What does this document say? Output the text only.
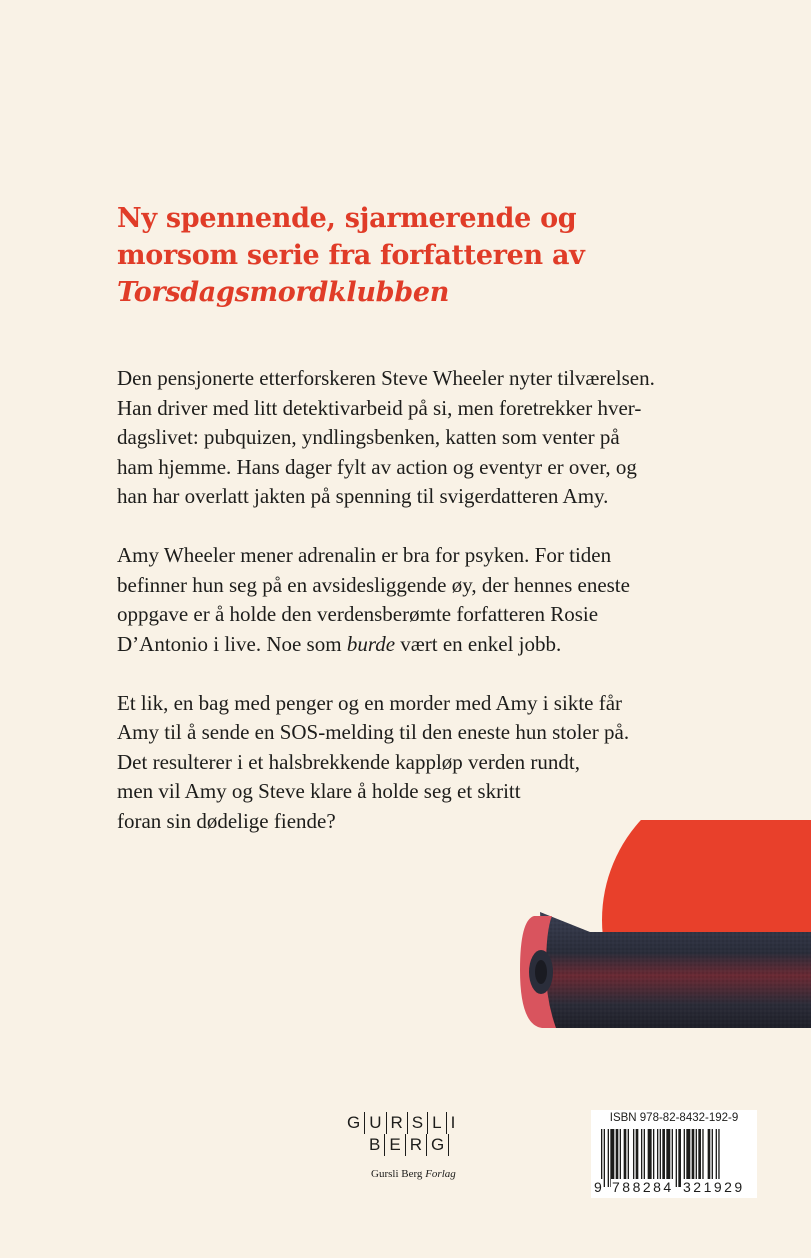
Ny spennende, sjarmerende og
morsom serie fra forfatteren av
Torsdagsmordklubben

Den pensjonerte etterforskeren Steve Wheeler nyter tilværelsen.
Han driver med litt detektivarbeid på si, men foretrekker hver-
dagslivet: pubquizen, yndlingsbenken, katten som venter på
ham hjemme. Hans dager fylt av action og eventyr er over, og
han har overlatt jakten på spenning til svigerdatteren Amy.

Amy Wheeler mener adrenalin er bra for psyken. For tiden
befinner hun seg på en avsidesliggende øy, der hennes eneste
oppgave er å holde den verdensberømte forfatteren Rosie
D’Antonio i live. Noe som burde vært en enkel jobb.

Et lik, en bag med penger og en morder med Amy i sikte får
Amy til å sende en SOS-melding til den eneste hun stoler på.
Det resulterer i et halsbrekkende kappløp verden rundt,
men vil Amy og Steve klare å holde seg et skritt
foran sin dødelige fiende?

G U R S L I
B E R G
Gursli Berg Forlag
ISBN 978-82-8432-192-9
9 788284 321929
